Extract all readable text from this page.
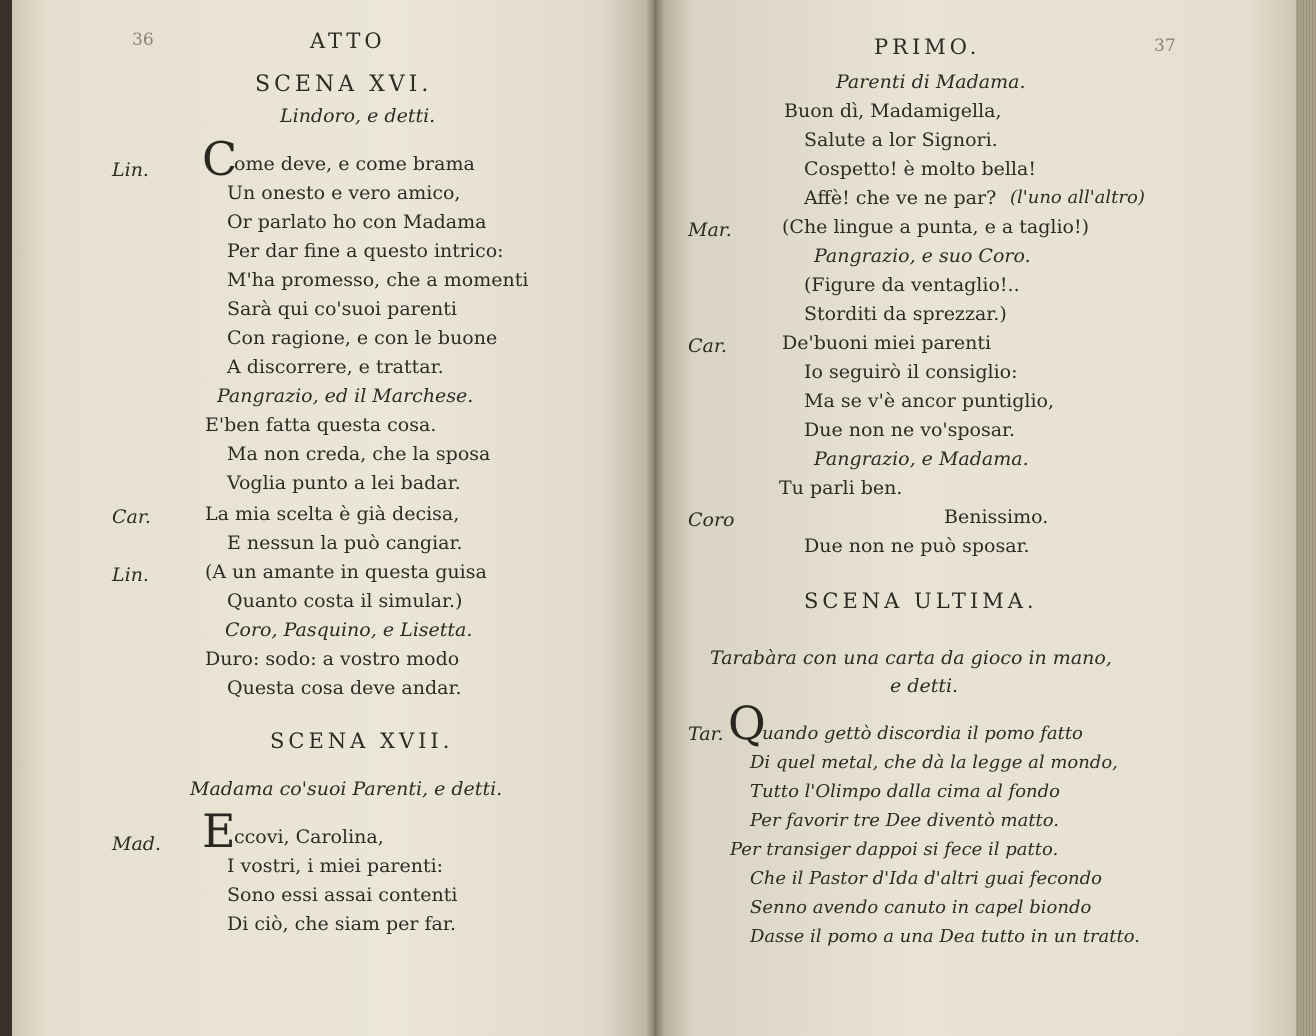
36	ATTO
SCENA XVI.
Lindoro, e detti.
Lin. C
ome deve, e come brama
Un onesto e vero amico,
Or parlato ho con Madama
Per dar fine a questo intrico:
M'ha promesso, che a momenti
Sarà qui co'suoi parenti
Con ragione, e con le buone
A discorrere, e trattar.
Pangrazio, ed il Marchese.
E'ben fatta questa cosa.
Ma non creda, che la sposa
Voglia punto a lei badar.
Car.	La mia scelta è già decisa,
E nessun la può cangiar.
Lin.	(A un amante in questa guisa
Quanto costa il simular.)
Coro, Pasquino, e Lisetta.
Duro: sodo: a vostro modo
Questa cosa deve andar.
SCENA XVII.
Madama co'suoi Parenti, e detti.
Mad. E
ccovi, Carolina,
I vostri, i miei parenti:
Sono essi assai contenti
Di ciò, che siam per far.
PRIMO.	37
Parenti di Madama.
Buon dì, Madamigella,
Salute a lor Signori.
Cospetto! è molto bella!
Affè! che ve ne par? (l'uno all'altro)
Mar.	(Che lingue a punta, e a taglio!)
Pangrazio, e suo Coro.
(Figure da ventaglio!..
Storditi da sprezzar.)
Car.	De'buoni miei parenti
Io seguirò il consiglio:
Ma se v'è ancor puntiglio,
Due non ne vo'sposar.
Pangrazio, e Madama.
Tu parli ben.
Coro	Benissimo.
Due non ne può sposar.
SCENA ULTIMA.
Tarabàra con una carta da gioco in mano,
e detti.
Tar. Q
uando gettò discordia il pomo fatto
Di quel metal, che dà la legge al mondo,
Tutto l'Olimpo dalla cima al fondo
Per favorir tre Dee diventò matto.
Per transiger dappoi si fece il patto.
Che il Pastor d'Ida d'altri guai fecondo
Senno avendo canuto in capel biondo
Dasse il pomo a una Dea tutto in un tratto.
